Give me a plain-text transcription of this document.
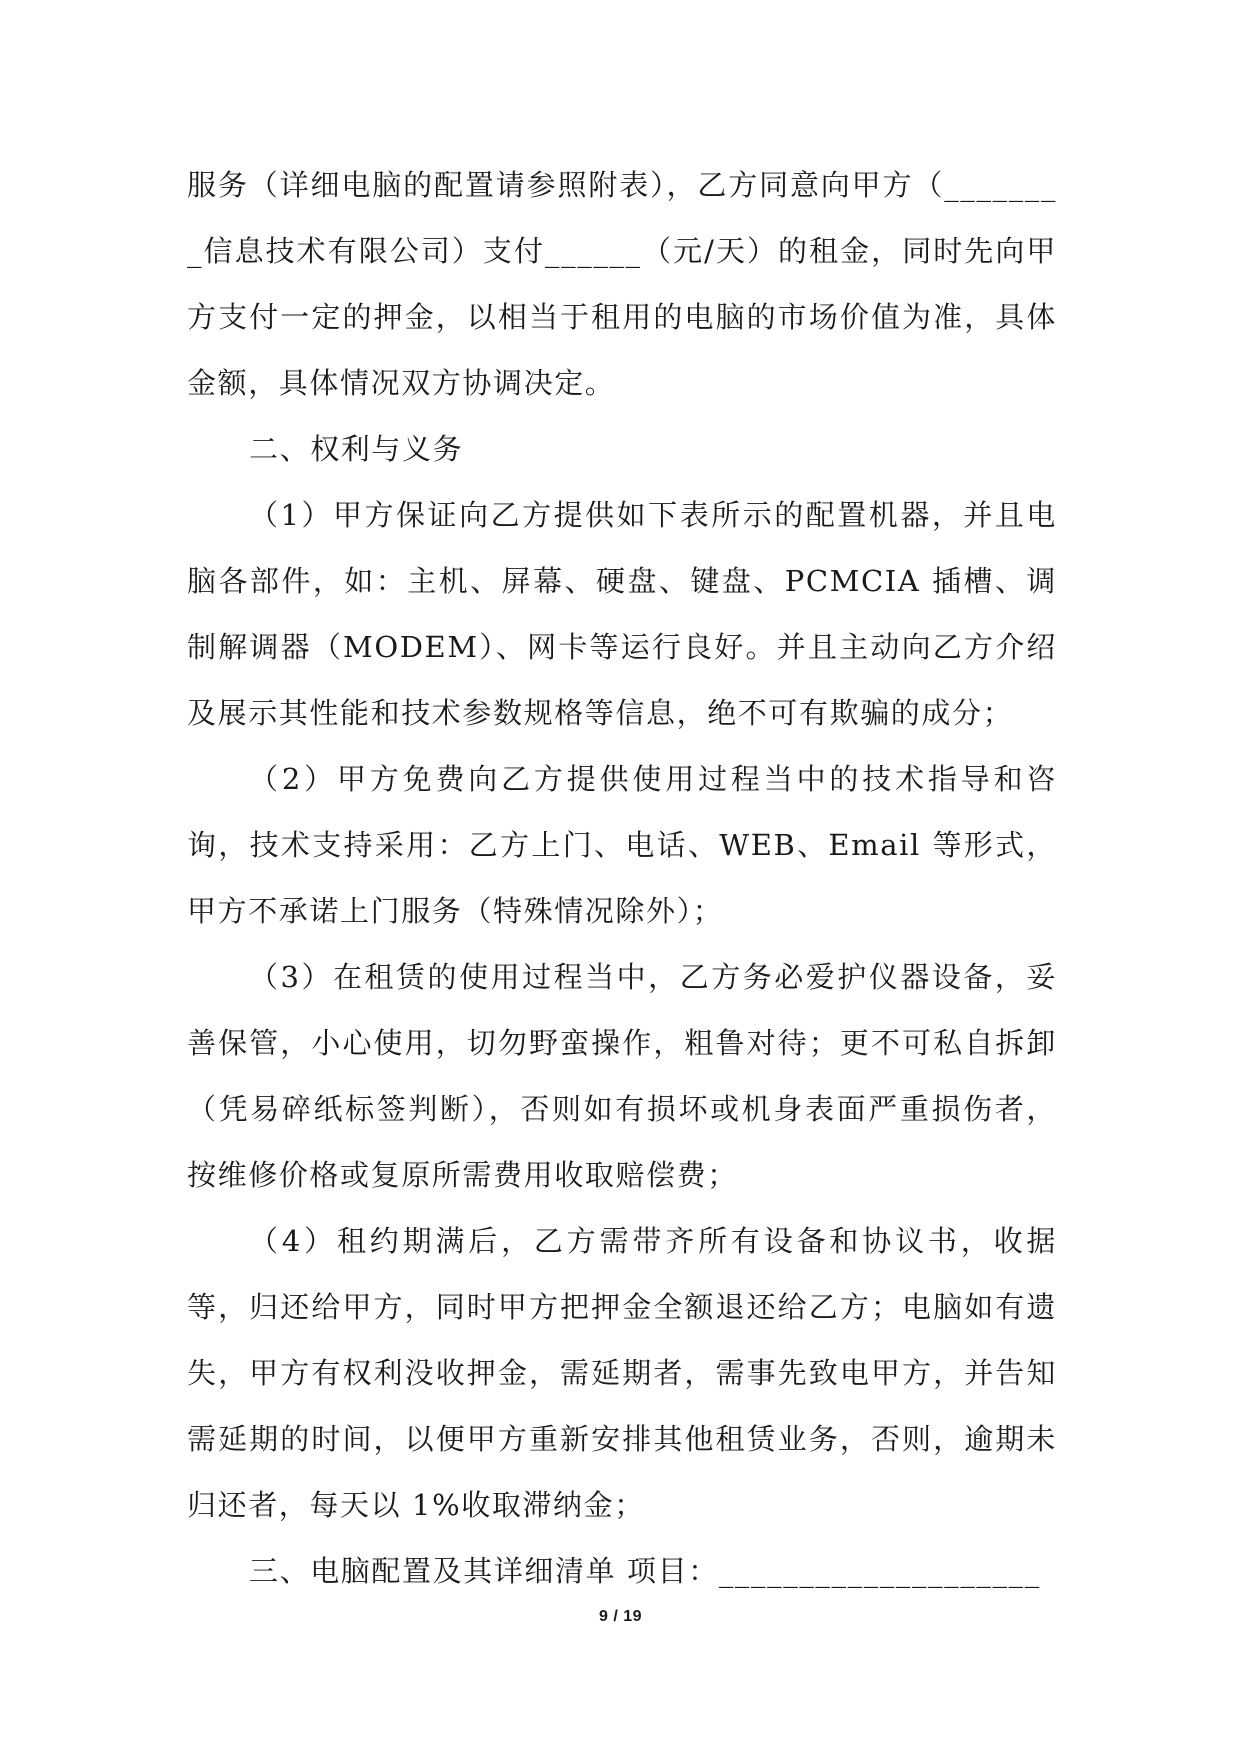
服务（详细电脑的配置请参照附表），乙方同意向甲方（________信息技术有限公司）支付______（元/天）的租金，同时先向甲方支付一定的押金，以相当于租用的电脑的市场价值为准，具体金额，具体情况双方协调决定。

二、权利与义务

（1）甲方保证向乙方提供如下表所示的配置机器，并且电脑各部件，如：主机、屏幕、硬盘、键盘、PCMCIA 插槽、调制解调器（MODEM）、网卡等运行良好。并且主动向乙方介绍及展示其性能和技术参数规格等信息，绝不可有欺骗的成分；

（2）甲方免费向乙方提供使用过程当中的技术指导和咨询，技术支持采用：乙方上门、电话、WEB、Email 等形式，甲方不承诺上门服务（特殊情况除外）；

（3）在租赁的使用过程当中，乙方务必爱护仪器设备，妥善保管，小心使用，切勿野蛮操作，粗鲁对待；更不可私自拆卸（凭易碎纸标签判断），否则如有损坏或机身表面严重损伤者，按维修价格或复原所需费用收取赔偿费；

（4）租约期满后，乙方需带齐所有设备和协议书，收据等，归还给甲方，同时甲方把押金全额退还给乙方；电脑如有遗失，甲方有权利没收押金，需延期者，需事先致电甲方，并告知需延期的时间，以便甲方重新安排其他租赁业务，否则，逾期未归还者，每天以 1%收取滞纳金；

三、电脑配置及其详细清单 项目：____________________

9 / 19
